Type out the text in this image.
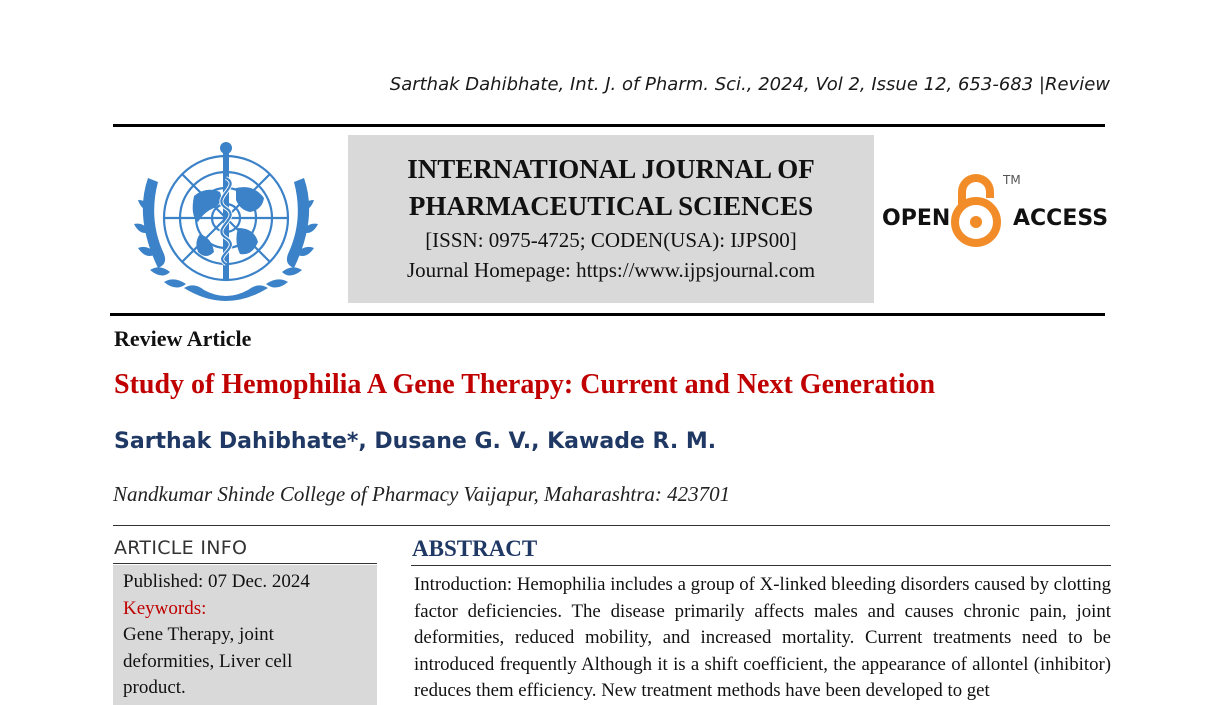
Sarthak Dahibhate, Int. J. of Pharm. Sci., 2024, Vol 2, Issue 12, 653-683 |Review
INTERNATIONAL JOURNAL OF
PHARMACEUTICAL SCIENCES
[ISSN: 0975-4725; CODEN(USA): IJPS00]
Journal Homepage: https://www.ijpsjournal.com
OPEN	ACCESS
TM
Review Article
Study of Hemophilia A Gene Therapy: Current and Next Generation
Sarthak Dahibhate*, Dusane G. V., Kawade R. M.
Nandkumar Shinde College of Pharmacy Vaijapur, Maharashtra: 423701
ARTICLE INFO
Published: 07 Dec. 2024
Keywords:
Gene Therapy, joint
deformities, Liver cell
product.
ABSTRACT
Introduction: Hemophilia includes a group of X-linked bleeding disorders caused by clotting factor deficiencies. The disease primarily affects males and causes chronic pain, joint deformities, reduced mobility, and increased mortality. Current treatments need to be introduced frequently Although it is a shift coefficient, the appearance of allontel (inhibitor) reduces them efficiency. New treatment methods have been developed to get
